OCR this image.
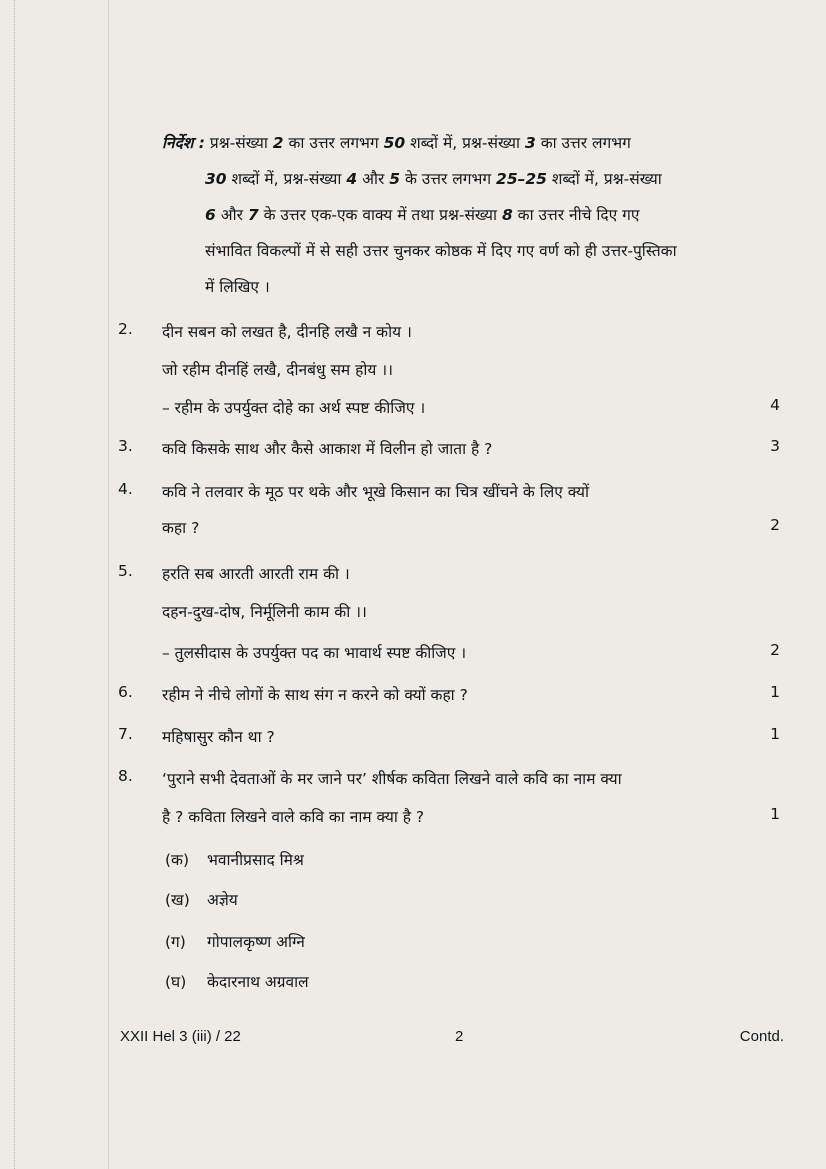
निर्देश : प्रश्न-संख्या 2 का उत्तर लगभग 50 शब्दों में, प्रश्न-संख्या 3 का उत्तर लगभग
30 शब्दों में, प्रश्न-संख्या 4 और 5 के उत्तर लगभग 25–25 शब्दों में, प्रश्न-संख्या
6 और 7 के उत्तर एक-एक वाक्य में तथा प्रश्न-संख्या 8 का उत्तर नीचे दिए गए
संभावित विकल्पों में से सही उत्तर चुनकर कोष्ठक में दिए गए वर्ण को ही उत्तर-पुस्तिका
में लिखिए ।
2. दीन सबन को लखत है, दीनहि लखै न कोय ।
जो रहीम दीनहिं लखै, दीनबंधु सम होय ।।
– रहीम के उपर्युक्त दोहे का अर्थ स्पष्ट कीजिए ।	4
3. कवि किसके साथ और कैसे आकाश में विलीन हो जाता है ?	3
4. कवि ने तलवार के मूठ पर थके और भूखे किसान का चित्र खींचने के लिए क्यों
कहा ?	2
5. हरति सब आरती आरती राम की ।
दहन-दुख-दोष, निर्मूलिनी काम की ।।
– तुलसीदास के उपर्युक्त पद का भावार्थ स्पष्ट कीजिए ।	2
6. रहीम ने नीचे लोगों के साथ संग न करने को क्यों कहा ?	1
7. महिषासुर कौन था ?	1
8. ‘पुराने सभी देवताओं के मर जाने पर’ शीर्षक कविता लिखने वाले कवि का नाम क्या
है ? कविता लिखने वाले कवि का नाम क्या है ?	1
(क) भवानीप्रसाद मिश्र
(ख) अज्ञेय
(ग) गोपालकृष्ण अग्नि
(घ) केदारनाथ अग्रवाल
XXII Hel 3 (iii) / 22	2	Contd.
